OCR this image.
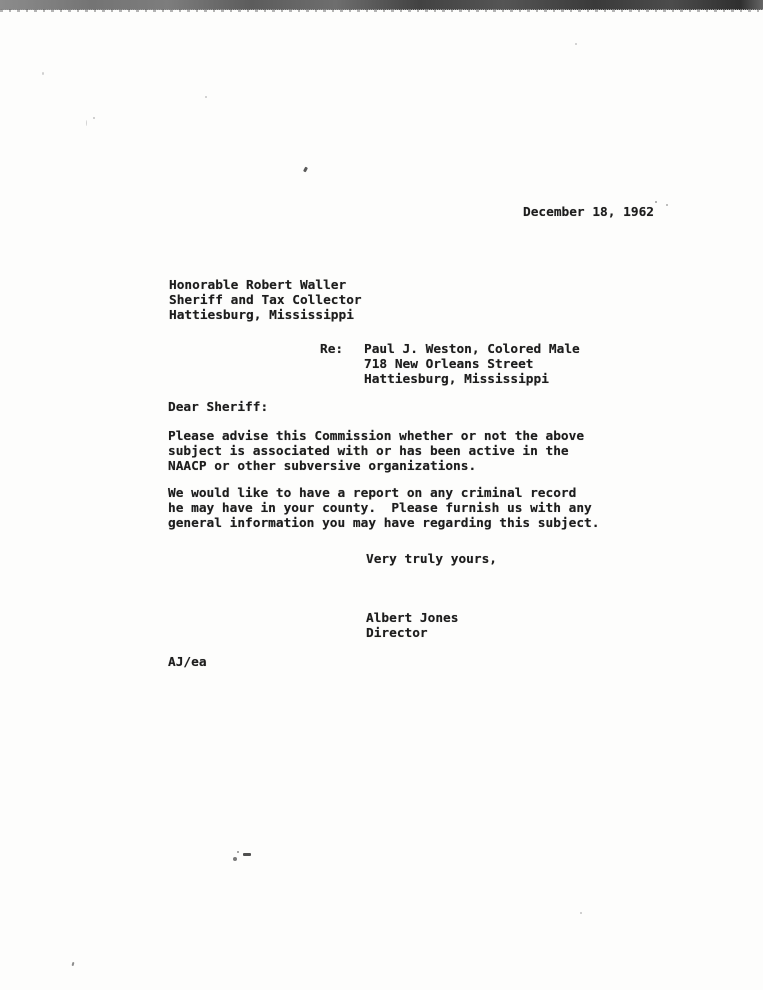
December 18, 1962
Honorable Robert Waller
Sheriff and Tax Collector
Hattiesburg, Mississippi
Re: Paul J. Weston, Colored Male
718 New Orleans Street
Hattiesburg, Mississippi
Dear Sheriff:
Please advise this Commission whether or not the above
subject is associated with or has been active in the
NAACP or other subversive organizations.
We would like to have a report on any criminal record
he may have in your county.  Please furnish us with any
general information you may have regarding this subject.
Very truly yours,
Albert Jones
Director
AJ/ea
